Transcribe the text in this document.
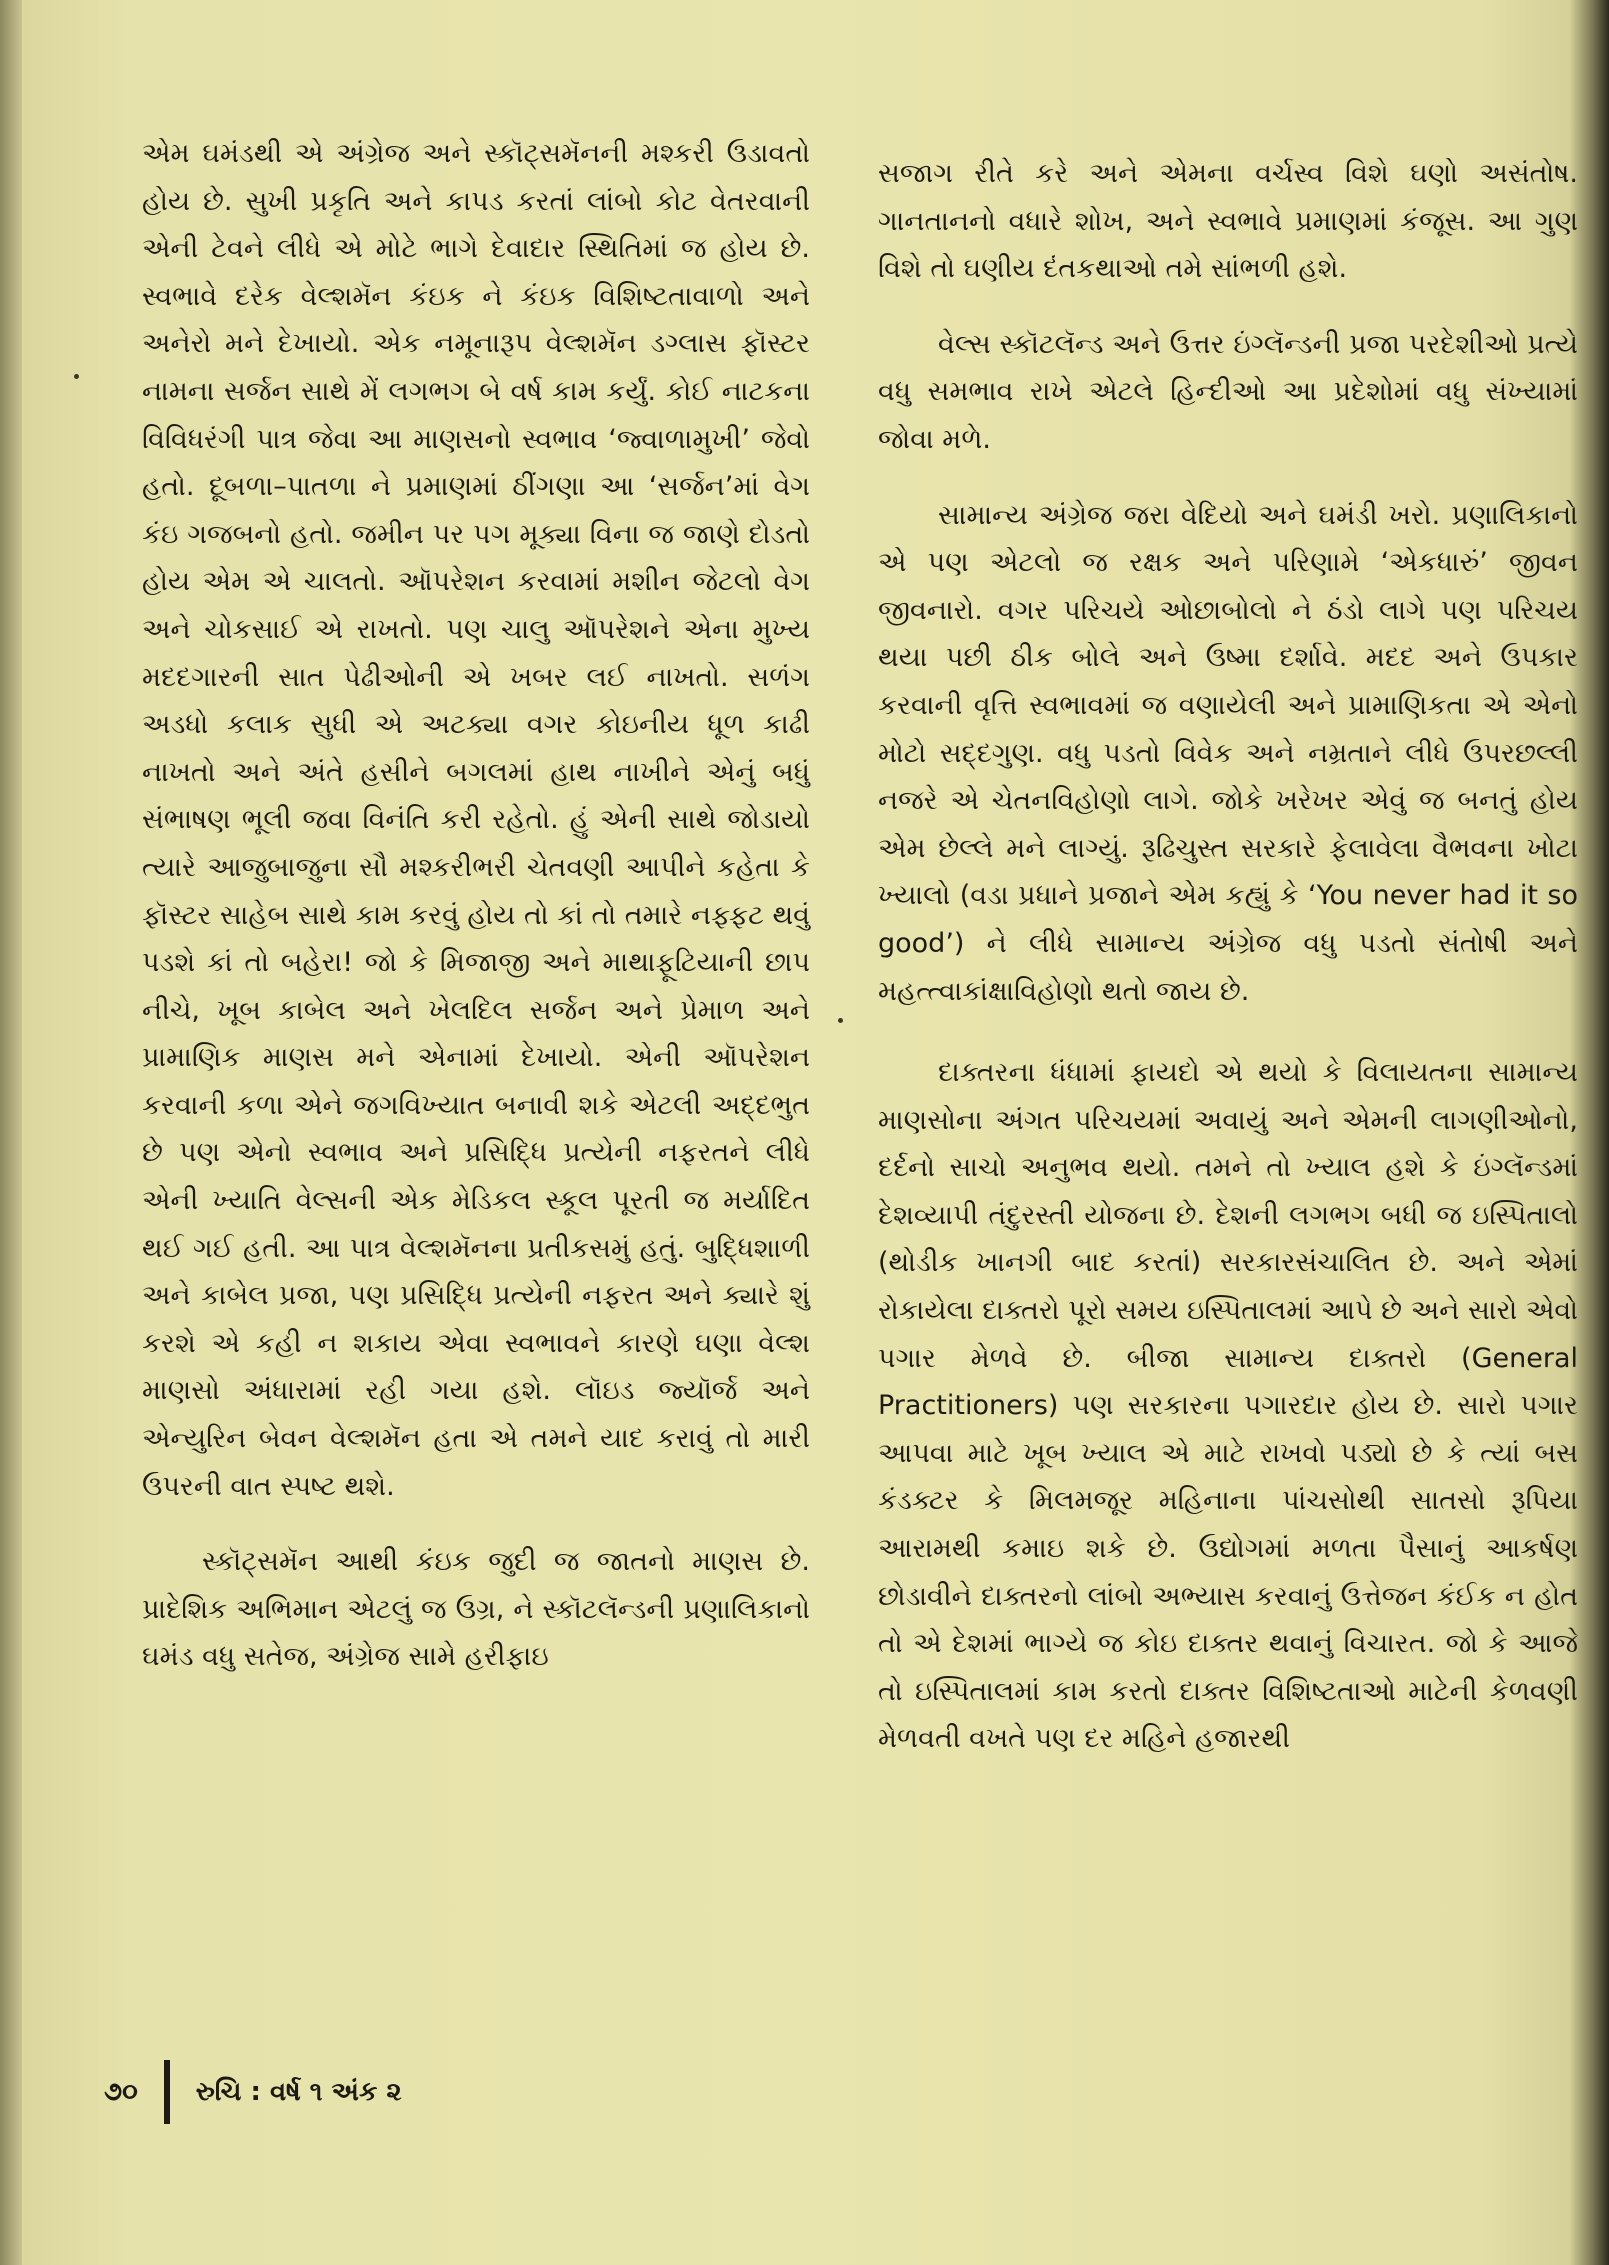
એમ ઘમંડથી એ અંગ્રેજ અને સ્કૉટ્સમૅનની મશ્કરી ઉડાવતો હોય છે. સુખી પ્રકૃતિ અને કાપડ કરતાં લાંબો કોટ વેતરવાની એની ટેવને લીધે એ મોટે ભાગે દેવાદાર સ્થિતિમાં જ હોય છે. સ્વભાવે દરેક વેલ્શમૅન કંઇક ને કંઇક વિશિષ્ટતાવાળો અને અનેરો મને દેખાયો. એક નમૂનારૂપ વેલ્શમૅન ડગ્લાસ ફૉસ્ટર નામના સર્જન સાથે મેં લગભગ બે વર્ષ કામ કર્યું. કોઈ નાટકના વિવિધરંગી પાત્ર જેવા આ માણસનો સ્વભાવ ‘જ્વાળામુખી’ જેવો હતો. દૂબળા–પાતળા ને પ્રમાણમાં ઠીંગણા આ ‘સર્જન’માં વેગ કંઇ ગજબનો હતો. જમીન પર પગ મૂક્યા વિના જ જાણે દોડતો હોય એમ એ ચાલતો. ઑપરેશન કરવામાં મશીન જેટલો વેગ અને ચોકસાઈ એ રાખતો. પણ ચાલુ ઑપરેશને એના મુખ્ય મદદગારની સાત પેઢીઓની એ ખબર લઈ નાખતો. સળંગ અડધો કલાક સુધી એ અટક્યા વગર કોઇનીય ધૂળ કાઢી નાખતો અને અંતે હસીને બગલમાં હાથ નાખીને એનું બધું સંભાષણ ભૂલી જવા વિનંતિ કરી રહેતો. હું એની સાથે જોડાયો ત્યારે આજુબાજુના સૌ મશ્કરીભરી ચેતવણી આપીને કહેતા કે ફૉસ્ટર સાહેબ સાથે કામ કરવું હોય તો કાં તો તમારે નફ્ફટ થવું પડશે કાં તો બહેરા! જો કે મિજાજી અને માથાફૂટિયાની છાપ નીચે, ખૂબ કાબેલ અને ખેલદિલ સર્જન અને પ્રેમાળ અને પ્રામાણિક માણસ મને એનામાં દેખાયો. એની ઑપરેશન કરવાની કળા એને જગવિખ્યાત બનાવી શકે એટલી અદ્દભુત છે પણ એનો સ્વભાવ અને પ્રસિદ્ધિ પ્રત્યેની નફરતને લીધે એની ખ્યાતિ વેલ્સની એક મેડિકલ સ્કૂલ પૂરતી જ મર્યાદિત થઈ ગઈ હતી. આ પાત્ર વેલ્શમૅનના પ્રતીકસમું હતું. બુદ્ધિશાળી અને કાબેલ પ્રજા, પણ પ્રસિદ્ધિ પ્રત્યેની નફરત અને ક્યારે શું કરશે એ કહી ન શકાય એવા સ્વભાવને કારણે ઘણા વેલ્શ માણસો અંધારામાં રહી ગયા હશે. લૉઇડ જ્યૉર્જ અને એન્યુરિન બેવન વેલ્શમૅન હતા એ તમને યાદ કરાવું તો મારી ઉપરની વાત સ્પષ્ટ થશે.

સ્કૉટ્સમૅન આથી કંઇક જુદી જ જાતનો માણસ છે. પ્રાદેશિક અભિમાન એટલું જ ઉગ્ર, ને સ્કૉટલૅન્ડની પ્રણાલિકાનો ઘમંડ વધુ સતેજ, અંગ્રેજ સામે હરીફાઇ

સજાગ રીતે કરે અને એમના વર્ચસ્વ વિશે ઘણો અસંતોષ. ગાનતાનનો વધારે શોખ, અને સ્વભાવે પ્રમાણમાં કંજૂસ. આ ગુણ વિશે તો ઘણીય દંતકથાઓ તમે સાંભળી હશે.

વેલ્સ સ્કૉટલૅન્ડ અને ઉત્તર ઇંગ્લૅન્ડની પ્રજા પરદેશીઓ પ્રત્યે વધુ સમભાવ રાખે એટલે હિન્દીઓ આ પ્રદેશોમાં વધુ સંખ્યામાં જોવા મળે.

સામાન્ય અંગ્રેજ જરા વેદિયો અને ઘમંડી ખરો. પ્રણાલિકાનો એ પણ એટલો જ રક્ષક અને પરિણામે ‘એકધારું’ જીવન જીવનારો. વગર પરિચયે ઓછાબોલો ને ઠંડો લાગે પણ પરિચય થયા પછી ઠીક બોલે અને ઉષ્મા દર્શાવે. મદદ અને ઉપકાર કરવાની વૃત્તિ સ્વભાવમાં જ વણાયેલી અને પ્રામાણિકતા એ એનો મોટો સદ્દગુણ. વધુ પડતો વિવેક અને નમ્રતાને લીધે ઉપરછલ્લી નજરે એ ચેતનવિહોણો લાગે. જોકે ખરેખર એવું જ બનતું હોય એમ છેલ્લે મને લાગ્યું. રૂઢિચુસ્ત સરકારે ફેલાવેલા વૈભવના ખોટા ખ્યાલો (વડા પ્રધાને પ્રજાને એમ કહ્યું કે ‘You never had it so good’) ને લીધે સામાન્ય અંગ્રેજ વધુ પડતો સંતોષી અને મહત્ત્વાકાંક્ષાવિહોણો થતો જાય છે.

દાક્તરના ધંધામાં ફાયદો એ થયો કે વિલાયતના સામાન્ય માણસોના અંગત પરિચયમાં અવાયું અને એમની લાગણીઓનો, દર્દનો સાચો અનુભવ થયો. તમને તો ખ્યાલ હશે કે ઇંગ્લૅન્ડમાં દેશવ્યાપી તંદુરસ્તી યોજના છે. દેશની લગભગ બધી જ ઇસ્પિતાલો (થોડીક ખાનગી બાદ કરતાં) સરકારસંચાલિત છે. અને એમાં રોકાયેલા દાક્તરો પૂરો સમય ઇસ્પિતાલમાં આપે છે અને સારો એવો પગાર મેળવે છે. બીજા સામાન્ય દાક્તરો (General Practitioners) પણ સરકારના પગારદાર હોય છે. સારો પગાર આપવા માટે ખૂબ ખ્યાલ એ માટે રાખવો પડ્યો છે કે ત્યાં બસ કંડક્ટર કે મિલમજૂર મહિનાના પાંચસોથી સાતસો રૂપિયા આરામથી કમાઇ શકે છે. ઉદ્યોગમાં મળતા પૈસાનું આકર્ષણ છોડાવીને દાક્તરનો લાંબો અભ્યાસ કરવાનું ઉત્તેજન કંઈક ન હોત તો એ દેશમાં ભાગ્યે જ કોઇ દાક્તર થવાનું વિચારત. જો કે આજે તો ઇસ્પિતાલમાં કામ કરતો દાક્તર વિશિષ્ટતાઓ માટેની કેળવણી મેળવતી વખતે પણ દર મહિને હજારથી

૭૦ રુચિ : વર્ષ ૧ અંક ૨
